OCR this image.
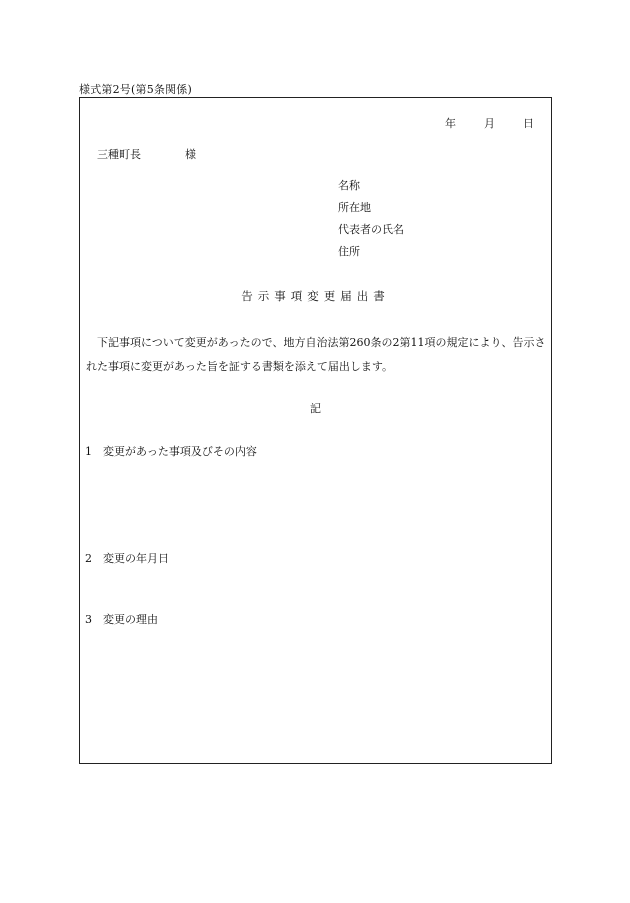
様式第2号(第5条関係)
年	月	日
三種町長	様
名称
所在地
代表者の氏名
住所
告示事項変更届出書
下記事項について変更があったので、地方自治法第260条の2第11項の規定により、告示された事項に変更があった旨を証する書類を添えて届出します。
記
1 変更があった事項及びその内容
2 変更の年月日
3 変更の理由
